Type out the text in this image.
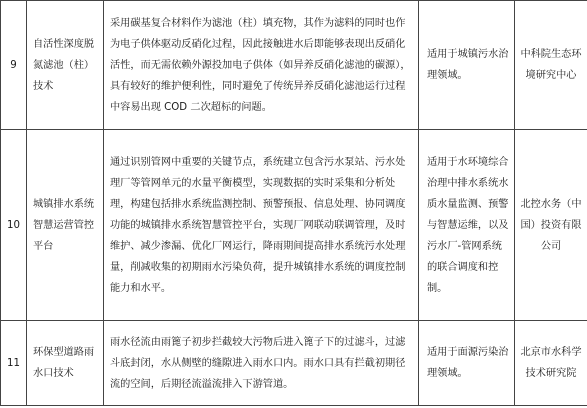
9	自活性深度脱氮滤池（柱）技术	采用碳基复合材料作为滤池（柱）填充物，其作为滤料的同时也作为电子供体驱动反硝化过程，因此接触进水后即能够表现出反硝化活性，而无需依赖外源投加电子供体（如异养反硝化滤池的碳源），具有较好的维护便利性，同时避免了传统异养反硝化滤池运行过程中容易出现 COD 二次超标的问题。	适用于城镇污水治理领域。	中科院生态环境研究中心
10	城镇排水系统智慧运营管控平台	通过识别管网中重要的关键节点，系统建立包含污水泵站、污水处理厂等管网单元的水量平衡模型，实现数据的实时采集和分析处理，构建包括排水系统监测控制、预警预报、信息处理、协同调度功能的城镇排水系统智慧管控平台，实现厂网联动联调管理，及时维护、减少渗漏、优化厂网运行，降雨期间提高排水系统污水处理量，削减收集的初期雨水污染负荷，提升城镇排水系统的调度控制能力和水平。	适用于水环境综合治理中排水系统水质水量监测、预警与智慧运维，以及污水厂-管网系统的联合调度和控制。	北控水务（中国）投资有限公司
11	环保型道路雨水口技术	雨水径流由雨篦子初步拦截较大污物后进入篦子下的过滤斗，过滤斗底封闭，水从侧壁的缝隙进入雨水口内。雨水口具有拦截初期径流的空间，后期径流溢流排入下游管道。	适用于面源污染治理领域。	北京市水科学技术研究院
